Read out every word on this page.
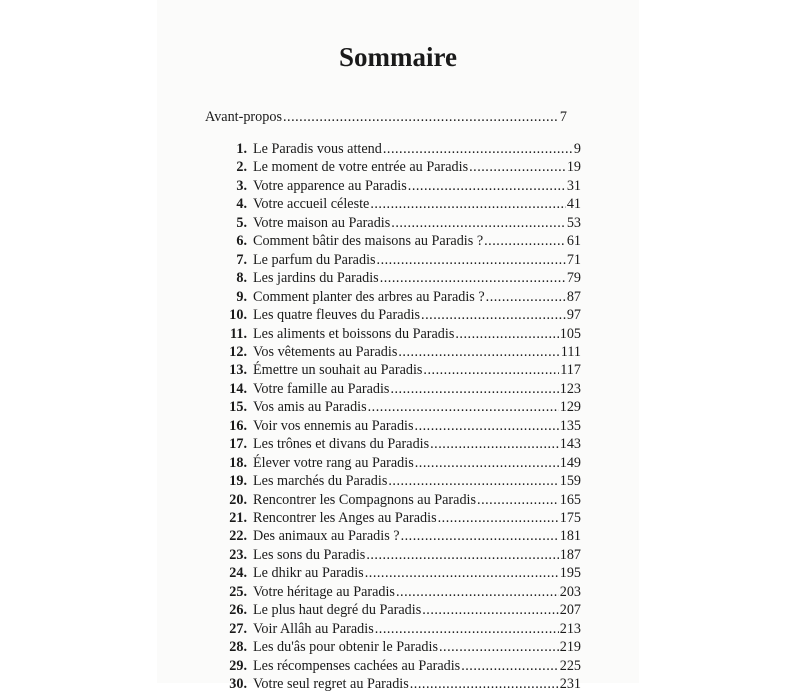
Sommaire
Avant-propos .....	7
1. Le Paradis vous attend .....	9
2. Le moment de votre entrée au Paradis .....	19
3. Votre apparence au Paradis .....	31
4. Votre accueil céleste .....	41
5. Votre maison au Paradis .....	53
6. Comment bâtir des maisons au Paradis ? .....	61
7. Le parfum du Paradis .....	71
8. Les jardins du Paradis .....	79
9. Comment planter des arbres au Paradis ? .....	87
10. Les quatre fleuves du Paradis .....	97
11. Les aliments et boissons du Paradis .....	105
12. Vos vêtements au Paradis .....	111
13. Émettre un souhait au Paradis .....	117
14. Votre famille au Paradis .....	123
15. Vos amis au Paradis .....	129
16. Voir vos ennemis au Paradis .....	135
17. Les trônes et divans du Paradis .....	143
18. Élever votre rang au Paradis .....	149
19. Les marchés du Paradis .....	159
20. Rencontrer les Compagnons au Paradis .....	165
21. Rencontrer les Anges au Paradis .....	175
22. Des animaux au Paradis ? .....	181
23. Les sons du Paradis .....	187
24. Le dhikr au Paradis .....	195
25. Votre héritage au Paradis .....	203
26. Le plus haut degré du Paradis .....	207
27. Voir Allâh au Paradis .....	213
28. Les du'âs pour obtenir le Paradis .....	219
29. Les récompenses cachées au Paradis .....	225
30. Votre seul regret au Paradis .....	231
